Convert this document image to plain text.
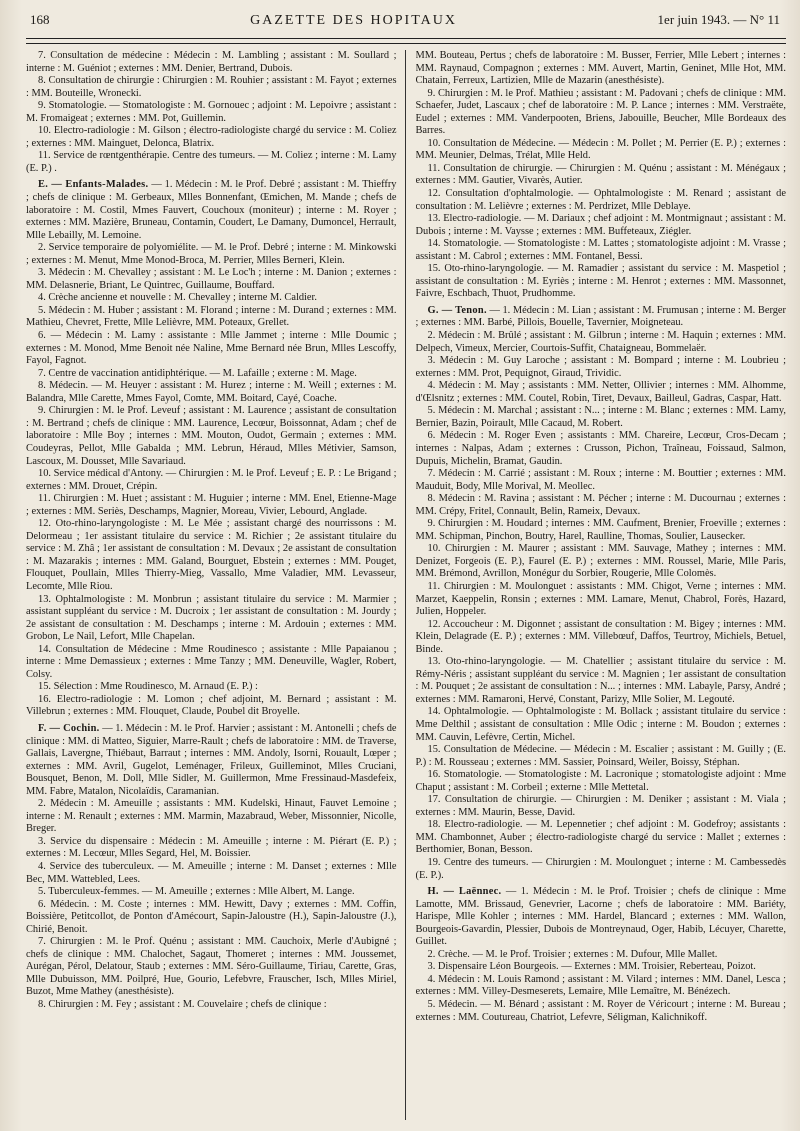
168	GAZETTE DES HOPITAUX	1er juin 1943. — N° 11

7. Consultation de médecine : Médecin : M. Lambling ; assistant : M. Soullard ; interne : M. Guéniot ; externes : MM. Denier, Bertrand, Dubois.

8. Consultation de chirurgie : Chirurgien : M. Rouhier ; assistant : M. Fayot ; externes : MM. Bouteille, Wronecki.

9. Stomatologie. — Stomatologiste : M. Gornouec ; adjoint : M. Lepoivre ; assistant : M. Fromaigeat ; externes : MM. Pot, Guillemin.

10. Electro-radiologie : M. Gilson ; électro-radiologiste chargé du service : M. Coliez ; externes : MM. Mainguet, Delonca, Blatrix.

11. Service de rœntgenthérapie. Centre des tumeurs. — M. Coliez ; interne : M. Lamy (E. P.) .

E. — Enfants-Malades. — 1. Médecin : M. le Prof. Debré ; assistant : M. Thieffry ; chefs de clinique : M. Gerbeaux, Mlles Bonnenfant, Œmichen, M. Mande ; chefs de laboratoire : M. Costil, Mmes Fauvert, Couchoux (moniteur) ; interne : M. Royer ; externes : MM. Mazière, Bruneau, Contamin, Coudert, Le Damany, Dumoncel, Herrault, Mlle Lebailly, M. Lemoine.

2. Service temporaire de polyomiélite. — M. le Prof. Debré ; interne : M. Minkowski ; externes : M. Menut, Mme Monod-Broca, M. Perrier, Mlles Berneri, Klein.

3. Médecin : M. Chevalley ; assistant : M. Le Loc'h ; interne : M. Danion ; externes : MM. Delasnerie, Briant, Le Quintrec, Guillaume, Bouffard.

4. Crèche ancienne et nouvelle : M. Chevalley ; interne M. Caldier.

5. Médecin : M. Huber ; assistant : M. Florand ; interne : M. Durand ; externes : MM. Mathieu, Chevret, Frette, Mlle Lelièvre, MM. Poteaux, Grellet.

6. — Médecin : M. Lamy : assistante : Mlle Jammet ; interne : Mlle Doumic ; externes : M. Monod, Mme Benoit née Naline, Mme Bernard née Brun, Mlles Lescoffy, Fayol, Fagnot.

7. Centre de vaccination antidiphtérique. — M. Lafaille ; externe : M. Mage.

8. Médecin. — M. Heuyer : assistant : M. Hurez ; interne : M. Weill ; externes : M. Balandra, Mlle Carette, Mmes Fayol, Comte, MM. Boitard, Cayé, Coache.

9. Chirurgien : M. le Prof. Leveuf ; assistant : M. Laurence ; assistant de consultation : M. Bertrand ; chefs de clinique : MM. Laurence, Lecœur, Boissonnat, Adam ; chef de laboratoire : Mlle Boy ; internes : MM. Mouton, Oudot, Germain ; externes : MM. Coudeyras, Pellot, Mlle Gabalda ; MM. Lebrun, Héraud, Mlles Métivier, Samson, Lascoux, M. Dousset, Mlle Savariaud.

10. Service médical d'Antony. — Chirurgien : M. le Prof. Leveuf ; E. P. : Le Brigand ; externes : MM. Drouet, Crépin.

11. Chirurgien : M. Huet ; assistant : M. Huguier ; interne : MM. Enel, Etienne-Mage ; externes : MM. Seriès, Deschamps, Magnier, Moreau, Vivier, Lebourd, Anglade.

12. Oto-rhino-laryngologiste : M. Le Mée ; assistant chargé des nourrissons : M. Delormeau ; 1er assistant titulaire du service : M. Richier ; 2e assistant titulaire du service : M. Zhâ ; 1er assistant de consultation : M. Devaux ; 2e assistant de consultation : M. Mazarakis ; internes : MM. Galand, Bourguet, Ebstein ; externes : MM. Pouget, Flouquet, Poullain, Mlles Thierry-Mieg, Vassallo, Mme Valadier, MM. Levasseur, Lecomte, Mlle Riou.

13. Ophtalmologiste : M. Monbrun ; assistant titulaire du service : M. Marmier ; assistant suppléant du service : M. Ducroix ; 1er assistant de consultation : M. Jourdy ; 2e assistant de consultation : M. Deschamps ; interne : M. Ardouin ; externes : MM. Grobon, Le Nail, Lefort, Mlle Chapelan.

14. Consultation de Médecine : Mme Roudinesco ; assistante : Mlle Papaianou ; interne : Mme Demassieux ; externes : Mme Tanzy ; MM. Deneuville, Wagler, Robert, Colsy.

15. Sélection : Mme Roudinesco, M. Arnaud (E. P.) :

16. Electro-radiologie : M. Lomon ; chef adjoint, M. Bernard ; assistant : M. Villebrun ; externes : MM. Flouquet, Claude, Poubel dit Broyelle.

F. — Cochin. — 1. Médecin : M. le Prof. Harvier ; assistant : M. Antonelli ; chefs de clinique : MM. di Matteo, Siguier, Marre-Rault ; chefs de laboratoire : MM. de Traverse, Gallais, Lavergne, Thiébaut, Barraut ; internes : MM. Andoly, Isorni, Rouault, Lœper ; externes : MM. Avril, Gugelot, Leménager, Frileux, Guilleminot, Mlles Cruciani, Bousquet, Benon, M. Doll, Mlle Sidler, M. Guillermon, Mme Fressinaud-Masdefeix, MM. Fabre, Matalon, Nicolaïdis, Caramanian.

2. Médecin : M. Ameuille ; assistants : MM. Kudelski, Hinaut, Fauvet Lemoine ; interne : M. Renault ; externes : MM. Marmin, Mazabraud, Weber, Missonnier, Nicolle, Breger.

3. Service du dispensaire : Médecin : M. Ameuille ; interne : M. Piérart (E. P.) ; externes : M. Lecœur, Mlles Segard, Hel, M. Boissier.

4. Service des tuberculeux. — M. Ameuille ; interne : M. Danset ; externes : Mlle Bec, MM. Wattebled, Lees.

5. Tuberculeux-femmes. — M. Ameuille ; externes : Mlle Albert, M. Lange.

6. Médecin. : M. Coste ; internes : MM. Hewitt, Davy ; externes : MM. Coffin, Boissière, Petitcollot, de Ponton d'Amécourt, Sapin-Jaloustre (H.), Sapin-Jaloustre (J.), Chirié, Benoit.

7. Chirurgien : M. le Prof. Quénu ; assistant : MM. Cauchoix, Merle d'Aubigné ; chefs de clinique : MM. Chalochet, Sagaut, Thomeret ; internes : MM. Joussemet, Aurégan, Pérol, Delatour, Staub ; externes : MM. Séro-Guillaume, Tiriau, Carette, Gras, Mlle Dubuisson, MM. Poilpré, Hue, Gourio, Lefebvre, Frauscher, Isch, Mlles Miriel, Buzot, Mme Mathey (anesthésiste).

8. Chirurgien : M. Fey ; assistant : M. Couvelaire ; chefs de clinique :

MM. Bouteau, Pertus ; chefs de laboratoire : M. Busser, Ferrier, Mlle Lebert ; internes : MM. Raynaud, Compagnon ; externes : MM. Auvert, Martin, Geninet, Mlle Hot, MM. Chatain, Ferreux, Lartizien, Mlle de Mazarin (anesthésiste).

9. Chirurgien : M. le Prof. Mathieu ; assistant : M. Padovani ; chefs de clinique : MM. Schaefer, Judet, Lascaux ; chef de laboratoire : M. P. Lance ; internes : MM. Verstraëte, Eudel ; externes : MM. Vanderpooten, Briens, Jabouille, Beucher, Mlle Bordeaux des Barres.

10. Consultation de Médecine. — Médecin : M. Pollet ; M. Perrier (E. P.) ; externes : MM. Meunier, Delmas, Trélat, Mlle Held.

11. Consultation de chirurgie. — Chirurgien : M. Quénu ; assistant : M. Ménégaux ; externes : MM. Gautier, Vivarès, Autier.

12. Consultation d'ophtalmologie. — Ophtalmologiste : M. Renard ; assistant de consultation : M. Lelièvre ; externes : M. Perdrizet, Mlle Deblaye.

13. Electro-radiologie. — M. Dariaux ; chef adjoint : M. Montmignaut ; assistant : M. Dubois ; interne : M. Vaysse ; externes : MM. Buffeteaux, Ziégler.

14. Stomatologie. — Stomatologiste : M. Lattes ; stomatologiste adjoint : M. Vrasse ; assistant : M. Cabrol ; externes : MM. Fontanel, Bessi.

15. Oto-rhino-laryngologie. — M. Ramadier ; assistant du service : M. Maspetiol ; assistant de consultation : M. Eyriès ; interne : M. Henrot ; externes : MM. Massonnet, Faivre, Eschbach, Thuot, Prudhomme.

G. — Tenon. — 1. Médecin : M. Lian ; assistant : M. Frumusan ; interne : M. Berger ; externes : MM. Barbé, Pillois, Bouelle, Tavernier, Moigneteau.

2. Médecin : M. Brûlé ; assistant : M. Gilbrun ; interne : M. Haquin ; externes : MM. Delpech, Vimeux, Mercier, Courtois-Suffit, Chataigneau, Bommelaër.

3. Médecin : M. Guy Laroche ; assistant : M. Bompard ; interne : M. Loubrieu ; externes : MM. Prot, Pequignot, Giraud, Trividic.

4. Médecin : M. May ; assistants : MM. Netter, Ollivier ; internes : MM. Alhomme, d'Œlsnitz ; externes : MM. Coutel, Robin, Tiret, Devaux, Bailleul, Gadras, Caspar, Hatt.

5. Médecin : M. Marchal ; assistant : N... ; interne : M. Blanc ; externes : MM. Lamy, Bernier, Bazin, Poirault, Mlle Cacaud, M. Robert.

6. Médecin : M. Roger Even ; assistants : MM. Chareire, Lecœur, Cros-Decam ; internes : Nalpas, Adam ; externes : Crusson, Pichon, Traîneau, Foissaud, Salmon, Dupuis, Michelin, Bramat, Gaudin.

7. Médecin : M. Carrié ; assistant : M. Roux ; interne : M. Bouttier ; externes : MM. Mauduit, Body, Mlle Morival, M. Meollec.

8. Médecin : M. Ravina ; assistant : M. Pécher ; interne : M. Ducournau ; externes : MM. Crépy, Fritel, Connault, Belin, Rameix, Devaux.

9. Chirurgien : M. Houdard ; internes : MM. Caufment, Brenier, Froeville ; externes : MM. Schipman, Pinchon, Boutry, Harel, Raulline, Thomas, Soulier, Lausecker.

10. Chirurgien : M. Maurer ; assistant : MM. Sauvage, Mathey ; internes : MM. Denizet, Forgeois (E. P.), Faurel (E. P.) ; externes : MM. Roussel, Marie, Mlle Paris, MM. Brémond, Avrillon, Monégur du Sorbier, Rougerie, Mlle Colomès.

11. Chirurgien : M. Moulonguet : assistants : MM. Chigot, Verne ; internes : MM. Marzet, Kaeppelin, Ronsin ; externes : MM. Lamare, Menut, Chabrol, Forès, Hazard, Julien, Hoppeler.

12. Accoucheur : M. Digonnet ; assistant de consultation : M. Bigey ; internes : MM. Klein, Delagrade (E. P.) ; externes : MM. Villebœuf, Daffos, Teurtroy, Michiels, Betuel, Binde.

13. Oto-rhino-laryngologie. — M. Chatellier ; assistant titulaire du service : M. Rémy-Néris ; assistant suppléant du service : M. Magnien ; 1er assistant de consultation : M. Pouquet ; 2e assistant de consultation : N... ; internes : MM. Labayle, Parsy, André ; externes : MM. Ramaroni, Hervé, Constant, Parizy, Mlle Solier, M. Legouté.

14. Ophtalmologie. — Ophtalmologiste : M. Bollack ; assistant titulaire du service : Mme Delthil ; assistant de consultation : Mlle Odic ; interne : M. Boudon ; externes : MM. Cauvin, Lefèvre, Certin, Michel.

15. Consultation de Médecine. — Médecin : M. Escalier ; assistant : M. Guilly ; (E. P.) : M. Rousseau ; externes : MM. Sassier, Poinsard, Weiler, Boissy, Stéphan.

16. Stomatologie. — Stomatologiste : M. Lacronique ; stomatologiste adjoint : Mme Chaput ; assistant : M. Corbeil ; externe : Mlle Mettetal.

17. Consultation de chirurgie. — Chirurgien : M. Deniker ; assistant : M. Viala ; externes : MM. Maurin, Besse, David.

18. Electro-radiologie. — M. Lepennetier ; chef adjoint : M. Godefroy; assistants : MM. Chambonnet, Auber ; électro-radiologiste chargé du service : Mallet ; externes : Berthomier, Bonan, Besson.

19. Centre des tumeurs. — Chirurgien : M. Moulonguet ; interne : M. Cambessedès (E. P.).

H. — Laënnec. — 1. Médecin : M. le Prof. Troisier ; chefs de clinique : Mme Lamotte, MM. Brissaud, Genevrier, Lacorne ; chefs de laboratoire : MM. Bariéty, Harispe, Mlle Kohler ; internes : MM. Hardel, Blancard ; externes : MM. Wallon, Bourgeois-Gavardin, Plessier, Dubois de Montreynaud, Oger, Habib, Lécuyer, Charette, Guillet.

2. Crèche. — M. le Prof. Troisier ; externes : M. Dufour, Mlle Mallet.

3. Dispensaire Léon Bourgeois. — Externes : MM. Troisier, Reberteau, Poizot.

4. Médecin : M. Louis Ramond ; assistant : M. Vilard ; internes : MM. Danel, Lesca ; externes : MM. Villey-Desmeserets, Lemaire, Mlle Lemaître, M. Bénézech.

5. Médecin. — M. Bénard ; assistant : M. Royer de Véricourt ; interne : M. Bureau ; externes : MM. Coutureau, Chatriot, Lefevre, Séligman, Kalichnikoff.
